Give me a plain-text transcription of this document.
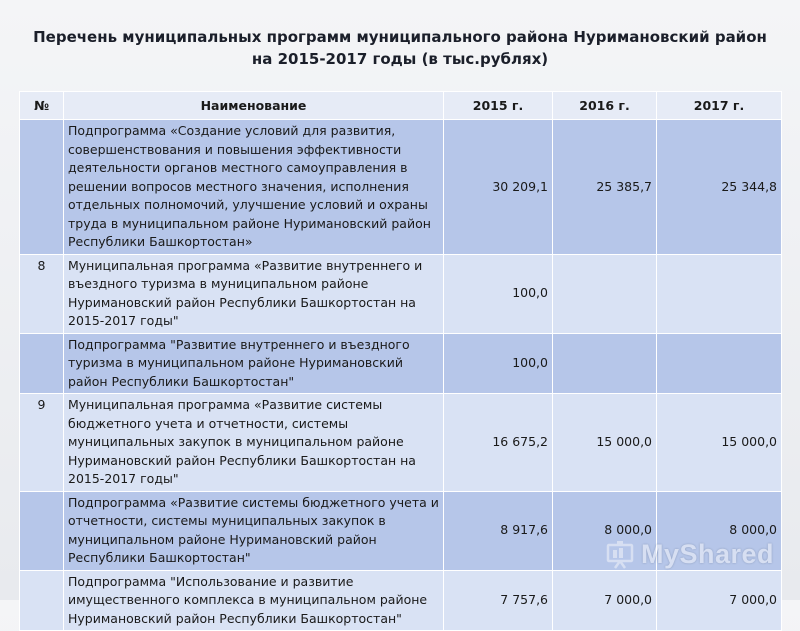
Перечень муниципальных программ муниципального района Нуримановский район
на 2015-2017 годы (в тыс.рублях)
№	Наименование	2015 г.	2016 г.	2017 г.
	Подпрограмма «Создание условий для развития, совершенствования и повышения эффективности деятельности органов местного самоуправления в решении вопросов местного значения, исполнения отдельных полномочий, улучшение условий и охраны труда в муниципальном районе Нуримановский район Республики Башкортостан»	30 209,1	25 385,7	25 344,8
8	Муниципальная программа «Развитие внутреннего и въездного туризма в муниципальном районе Нуримановский район Республики Башкортостан на 2015-2017 годы"	100,0		
	Подпрограмма "Развитие внутреннего и въездного туризма в муниципальном районе Нуримановский район Республики Башкортостан"	100,0		
9	Муниципальная программа «Развитие системы бюджетного учета и отчетности, системы муниципальных закупок в муниципальном районе Нуримановский район Республики Башкортостан на 2015-2017 годы"	16 675,2	15 000,0	15 000,0
	Подпрограмма «Развитие системы бюджетного учета и отчетности, системы муниципальных закупок в муниципальном районе Нуримановский район Республики Башкортостан"	8 917,6	8 000,0	8 000,0
	Подпрограмма "Использование и развитие имущественного комплекса в муниципальном районе Нуримановский район Республики Башкортостан"	7 757,6	7 000,0	7 000,0
MyShared
